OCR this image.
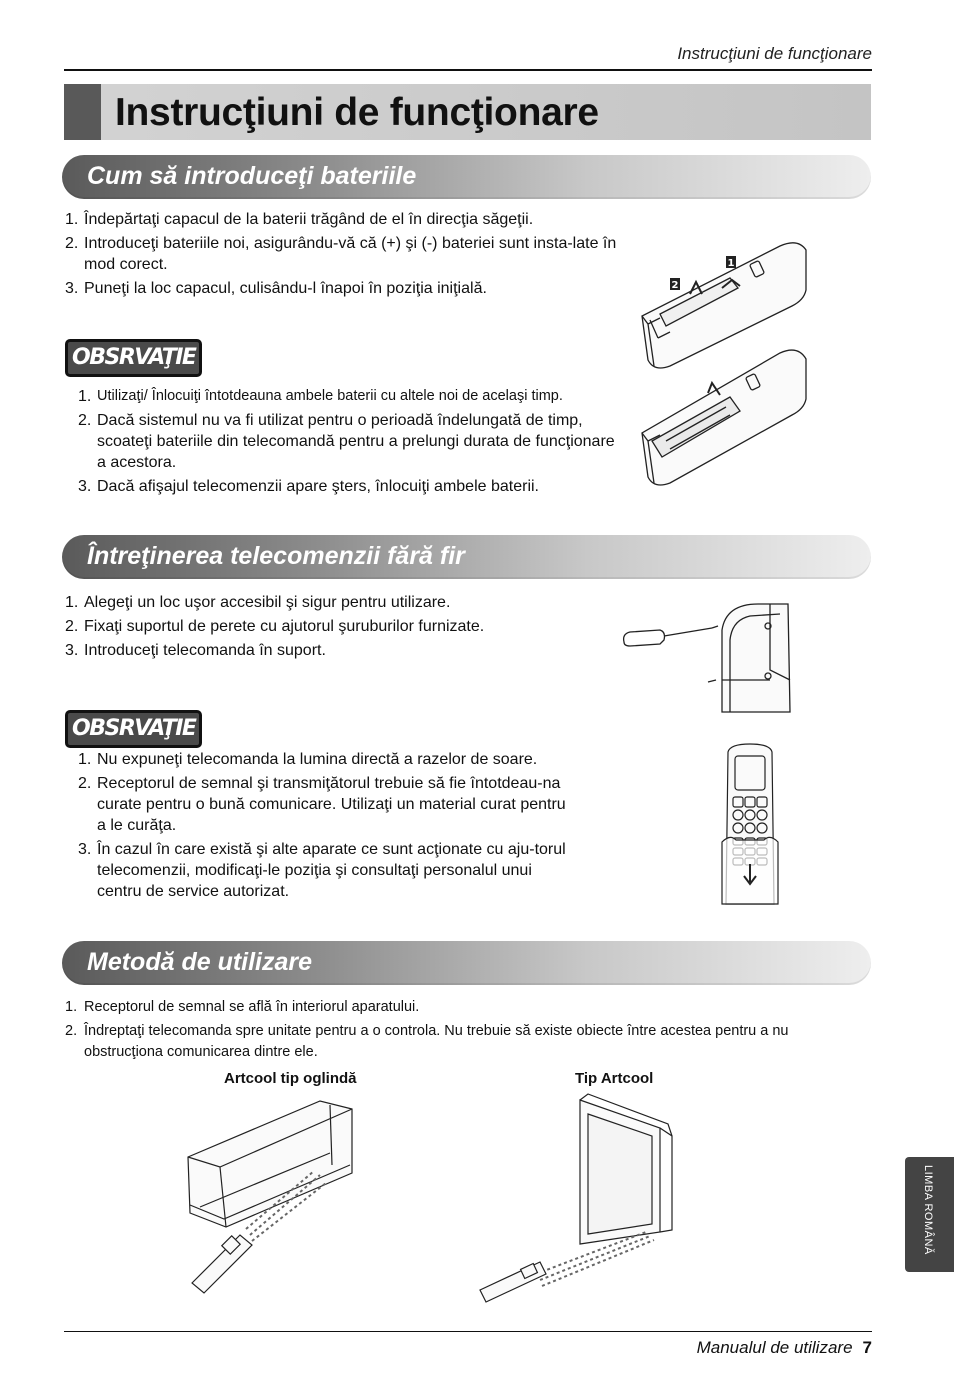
Instrucţiuni de funcţionare
Instrucţiuni de funcţionare
Cum să introduceţi bateriile
1. Îndepărtaţi capacul de la baterii trăgând de el în direcţia săgeţii.
2. Introduceţi bateriile noi, asigurându-vă că (+) şi (-) bateriei sunt insta-late în mod corect.
3. Puneţi la loc capacul, culisându-l înapoi în poziţia iniţială.
OBSRVAŢIE
1. Utilizaţi/ Înlocuiţi întotdeauna ambele baterii cu altele noi de acelaşi timp.
2. Dacă sistemul nu va fi utilizat pentru o perioadă îndelungată de timp, scoateţi bateriile din telecomandă pentru a prelungi durata de funcţionare a acestora.
3. Dacă afişajul telecomenzii apare şters, înlocuiţi ambele baterii.
1
2
Întreţinerea telecomenzii fără fir
1. Alegeţi un loc uşor accesibil şi sigur pentru utilizare.
2. Fixaţi suportul de perete cu ajutorul şuruburilor furnizate.
3. Introduceţi telecomanda în suport.
OBSRVAŢIE
1. Nu expuneţi telecomanda la lumina directă a razelor de soare.
2. Receptorul de semnal şi transmiţătorul trebuie să fie întotdeau-na curate pentru o bună comunicare. Utilizaţi un material curat pentru a le curăţa.
3. În cazul în care există şi alte aparate ce sunt acţionate cu aju-torul telecomenzii, modificaţi-le poziţia şi consultaţi personalul unui centru de service autorizat.
Metodă de utilizare
1. Receptorul de semnal se află în interiorul aparatului.
2. Îndreptaţi telecomanda spre unitate pentru a o controla. Nu trebuie să existe obiecte între acestea pentru a nu obstrucţiona comunicarea dintre ele.
Artcool tip oglindă	Tip Artcool
LIMBA ROMÂNĂ
Manualul de utilizare 7
